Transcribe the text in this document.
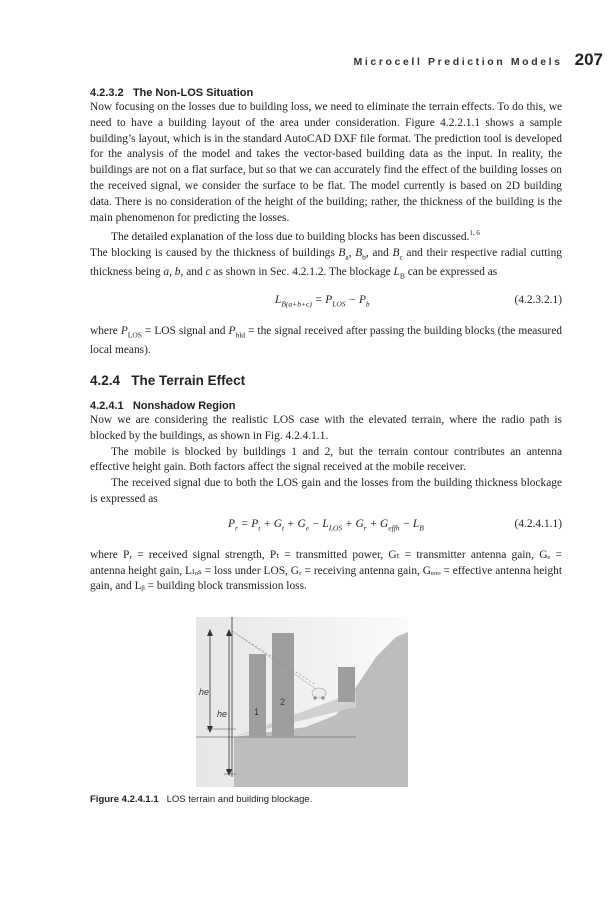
Microcell Prediction Models 207
4.2.3.2 The Non-LOS Situation

Now focusing on the losses due to building loss, we need to eliminate the terrain effects. To do this, we need to have a building layout of the area under consideration. Figure 4.2.2.1.1 shows a sample building’s layout, which is in the standard AutoCAD DXF file format. The prediction tool is developed for the analysis of the model and takes the vector-based building data as the input. In reality, the buildings are not on a flat surface, but so that we can accurately find the effect of the building losses on the received signal, we consider the surface to be flat. The model currently is based on 2D building data. There is no consideration of the height of the building; rather, the thickness of the building is the main phenomenon for predicting the losses.

The detailed explanation of the loss due to building blocks has been discussed.$^{1, 6}$

The blocking is caused by the thickness of buildings $B_a$, $B_b$, and $B_c$ and their respective radial cutting thickness being a, b, and c as shown in Sec. 4.2.1.2. The blockage $L_B$ can be expressed as

$L_{B(a+b+c)} = P_{LOS} - P_b$	(4.2.3.2.1)

where $P_{LOS}$ = LOS signal and $P_{bld}$ = the signal received after passing the building blocks (the measured local means).

4.2.4 The Terrain Effect
4.2.4.1 Nonshadow Region

Now we are considering the realistic LOS case with the elevated terrain, where the radio path is blocked by the buildings, as shown in Fig. 4.2.4.1.1.

The mobile is blocked by buildings 1 and 2, but the terrain contour contributes an antenna effective height gain. Both factors affect the signal received at the mobile receiver.

The received signal due to both the LOS gain and the losses from the building thickness blockage is expressed as

$P_r = P_t + G_t + G_e - L_{LOS} + G_r + G_{effh} - L_B$	(4.2.4.1.1)

where Pᵣ = received signal strength, Pₜ = transmitted power, Gₜ = transmitter antenna gain, Gₑ = antenna height gain, Lₗₒₛ = loss under LOS, Gᵣ = receiving antenna gain, Gₑₒₒ = effective antenna height gain, and Lᵦ = building block transmission loss.

he
he	1
2
Figure 4.2.4.1.1 LOS terrain and building blockage.
